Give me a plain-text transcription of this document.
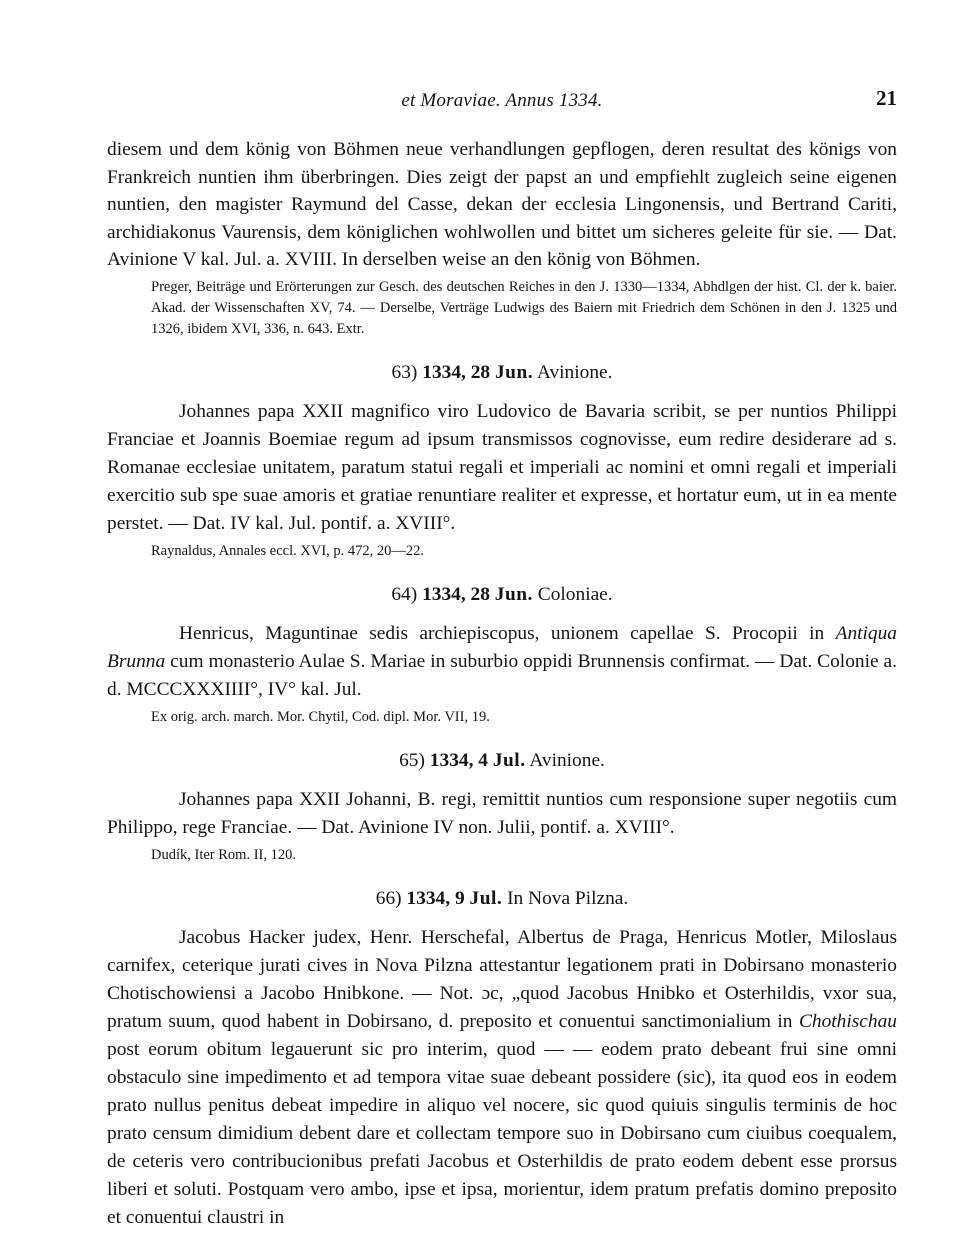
et Moraviae. Annus 1334.	21
diesem und dem könig von Böhmen neue verhandlungen gepflogen, deren resultat des königs von Frankreich nuntien ihm überbringen. Dies zeigt der papst an und empfiehlt zugleich seine eigenen nuntien, den magister Raymund del Casse, dekan der ecclesia Lingonensis, und Bertrand Cariti, archidiakonus Vaurensis, dem königlichen wohlwollen und bittet um sicheres geleite für sie. — Dat. Avinione V kal. Jul. a. XVIII. In derselben weise an den könig von Böhmen.
Preger, Beiträge und Erörterungen zur Gesch. des deutschen Reiches in den J. 1330—1334, Abhdlgen der hist. Cl. der k. baier. Akad. der Wissenschaften XV, 74. — Derselbe, Verträge Ludwigs des Baiern mit Friedrich dem Schönen in den J. 1325 und 1326, ibidem XVI, 336, n. 643. Extr.
63) 1334, 28 Jun. Avinione.
Johannes papa XXII magnifico viro Ludovico de Bavaria scribit, se per nuntios Philippi Franciae et Joannis Boemiae regum ad ipsum transmissos cognovisse, eum redire desiderare ad s. Romanae ecclesiae unitatem, paratum statui regali et imperiali ac nomini et omni regali et imperiali exercitio sub spe suae amoris et gratiae renuntiare realiter et expresse, et hortatur eum, ut in ea mente perstet. — Dat. IV kal. Jul. pontif. a. XVIII°.
Raynaldus, Annales eccl. XVI, p. 472, 20—22.
64) 1334, 28 Jun. Coloniae.
Henricus, Maguntinae sedis archiepiscopus, unionem capellae S. Procopii in Antiqua Brunna cum monasterio Aulae S. Mariae in suburbio oppidi Brunnensis confirmat. — Dat. Colonie a. d. MCCCXXXIIII°, IV° kal. Jul.
Ex orig. arch. march. Mor. Chytil, Cod. dipl. Mor. VII, 19.
65) 1334, 4 Jul. Avinione.
Johannes papa XXII Johanni, B. regi, remittit nuntios cum responsione super negotiis cum Philippo, rege Franciae. — Dat. Avinione IV non. Julii, pontif. a. XVIII°.
Dudík, Iter Rom. II, 120.
66) 1334, 9 Jul. In Nova Pilzna.
Jacobus Hacker judex, Henr. Herschefal, Albertus de Praga, Henricus Motler, Miloslaus carnifex, ceterique jurati cives in Nova Pilzna attestantur legationem prati in Dobirsano monasterio Chotischowiensi a Jacobo Hnibkone. — Not. ɔc, „quod Jacobus Hnibko et Osterhildis, vxor sua, pratum suum, quod habent in Dobirsano, d. preposito et conuentui sanctimonialium in Chothischau post eorum obitum legauerunt sic pro interim, quod — — eodem prato debeant frui sine omni obstaculo sine impedimento et ad tempora vitae suae debeant possidere (sic), ita quod eos in eodem prato nullus penitus debeat impedire in aliquo vel nocere, sic quod quiuis singulis terminis de hoc prato censum dimidium debent dare et collectam tempore suo in Dobirsano cum ciuibus coequalem, de ceteris vero contribucionibus prefati Jacobus et Osterhildis de prato eodem debent esse prorsus liberi et soluti. Postquam vero ambo, ipse et ipsa, morientur, idem pratum prefatis domino preposito et conuentui claustri in
